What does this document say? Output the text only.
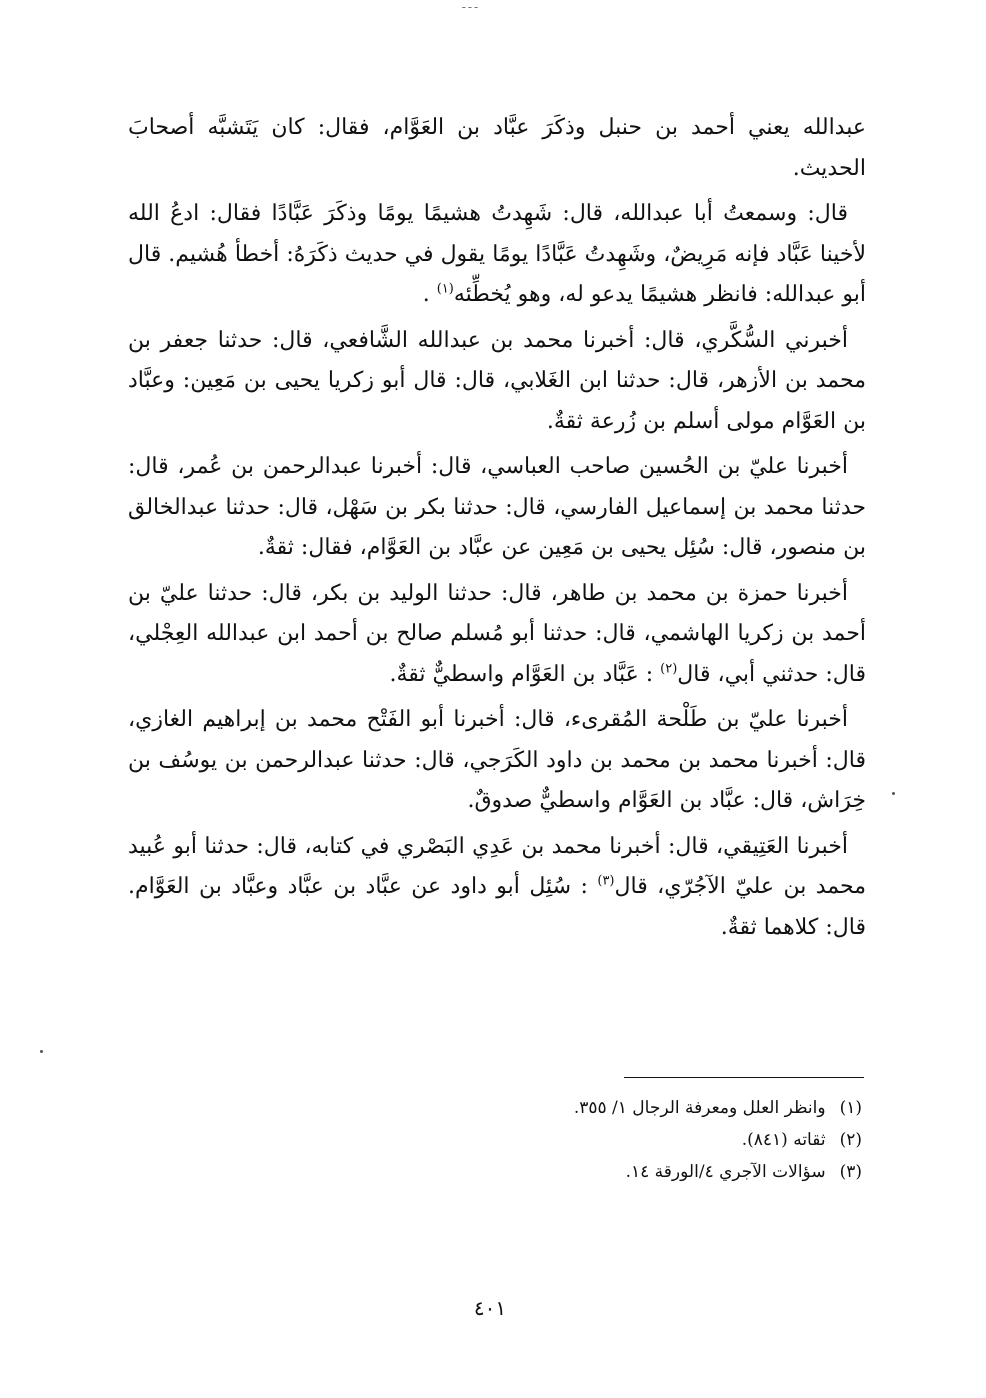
ـ ـ ـ

عبدالله يعني أحمد بن حنبل وذكَرَ عبَّاد بن العَوَّام، فقال: كان يَتَشبَّه أصحابَ الحديث.

قال: وسمعتُ أبا عبدالله، قال: شَهِدتُ هشيمًا يومًا وذكَرَ عَبَّادًا فقال: ادعُ الله لأخينا عَبَّاد فإنه مَرِيضٌ، وشَهِدتُ عَبَّادًا يومًا يقول في حديث ذكَرَهُ: أخطأ هُشيم. قال أبو عبدالله: فانظر هشيمًا يدعو له، وهو يُخطِّئه$^{(١)}$ .

أخبرني السُّكَّري، قال: أخبرنا محمد بن عبدالله الشَّافعي، قال: حدثنا جعفر بن محمد بن الأزهر، قال: حدثنا ابن الغَلابي، قال: قال أبو زكريا يحيى بن مَعِين: وعبَّاد بن العَوَّام مولى أسلم بن زُرعة ثقةٌ.

أخبرنا عليّ بن الحُسين صاحب العباسي، قال: أخبرنا عبدالرحمن بن عُمر، قال: حدثنا محمد بن إسماعيل الفارسي، قال: حدثنا بكر بن سَهْل، قال: حدثنا عبدالخالق بن منصور، قال: سُئِل يحيى بن مَعِين عن عبَّاد بن العَوَّام، فقال: ثقةٌ.

أخبرنا حمزة بن محمد بن طاهر، قال: حدثنا الوليد بن بكر، قال: حدثنا عليّ بن أحمد بن زكريا الهاشمي، قال: حدثنا أبو مُسلم صالح بن أحمد ابن عبدالله العِجْلي، قال: حدثني أبي، قال$^{(٢)}$ : عَبَّاد بن العَوَّام واسطيٌّ ثقةٌ.

أخبرنا عليّ بن طَلْحة المُقرىء، قال: أخبرنا أبو الفَتْح محمد بن إبراهيم الغازي، قال: أخبرنا محمد بن محمد بن داود الكَرَجي، قال: حدثنا عبدالرحمن بن يوسُف بن خِرَاش، قال: عبَّاد بن العَوَّام واسطيٌّ صدوقٌ.

أخبرنا العَتِيقي، قال: أخبرنا محمد بن عَدِي البَصْري في كتابه، قال: حدثنا أبو عُبيد محمد بن عليّ الآجُرّي، قال$^{(٣)}$ : سُئِل أبو داود عن عبَّاد بن عبَّاد وعبَّاد بن العَوَّام. قال: كلاهما ثقةٌ.

(١)وانظر العلل ومعرفة الرجال ١/ ٣٥٥.
(٢)ثقاته (٨٤١).
(٣)سؤالات الآجري ٤/الورقة ١٤.
٤٠١
